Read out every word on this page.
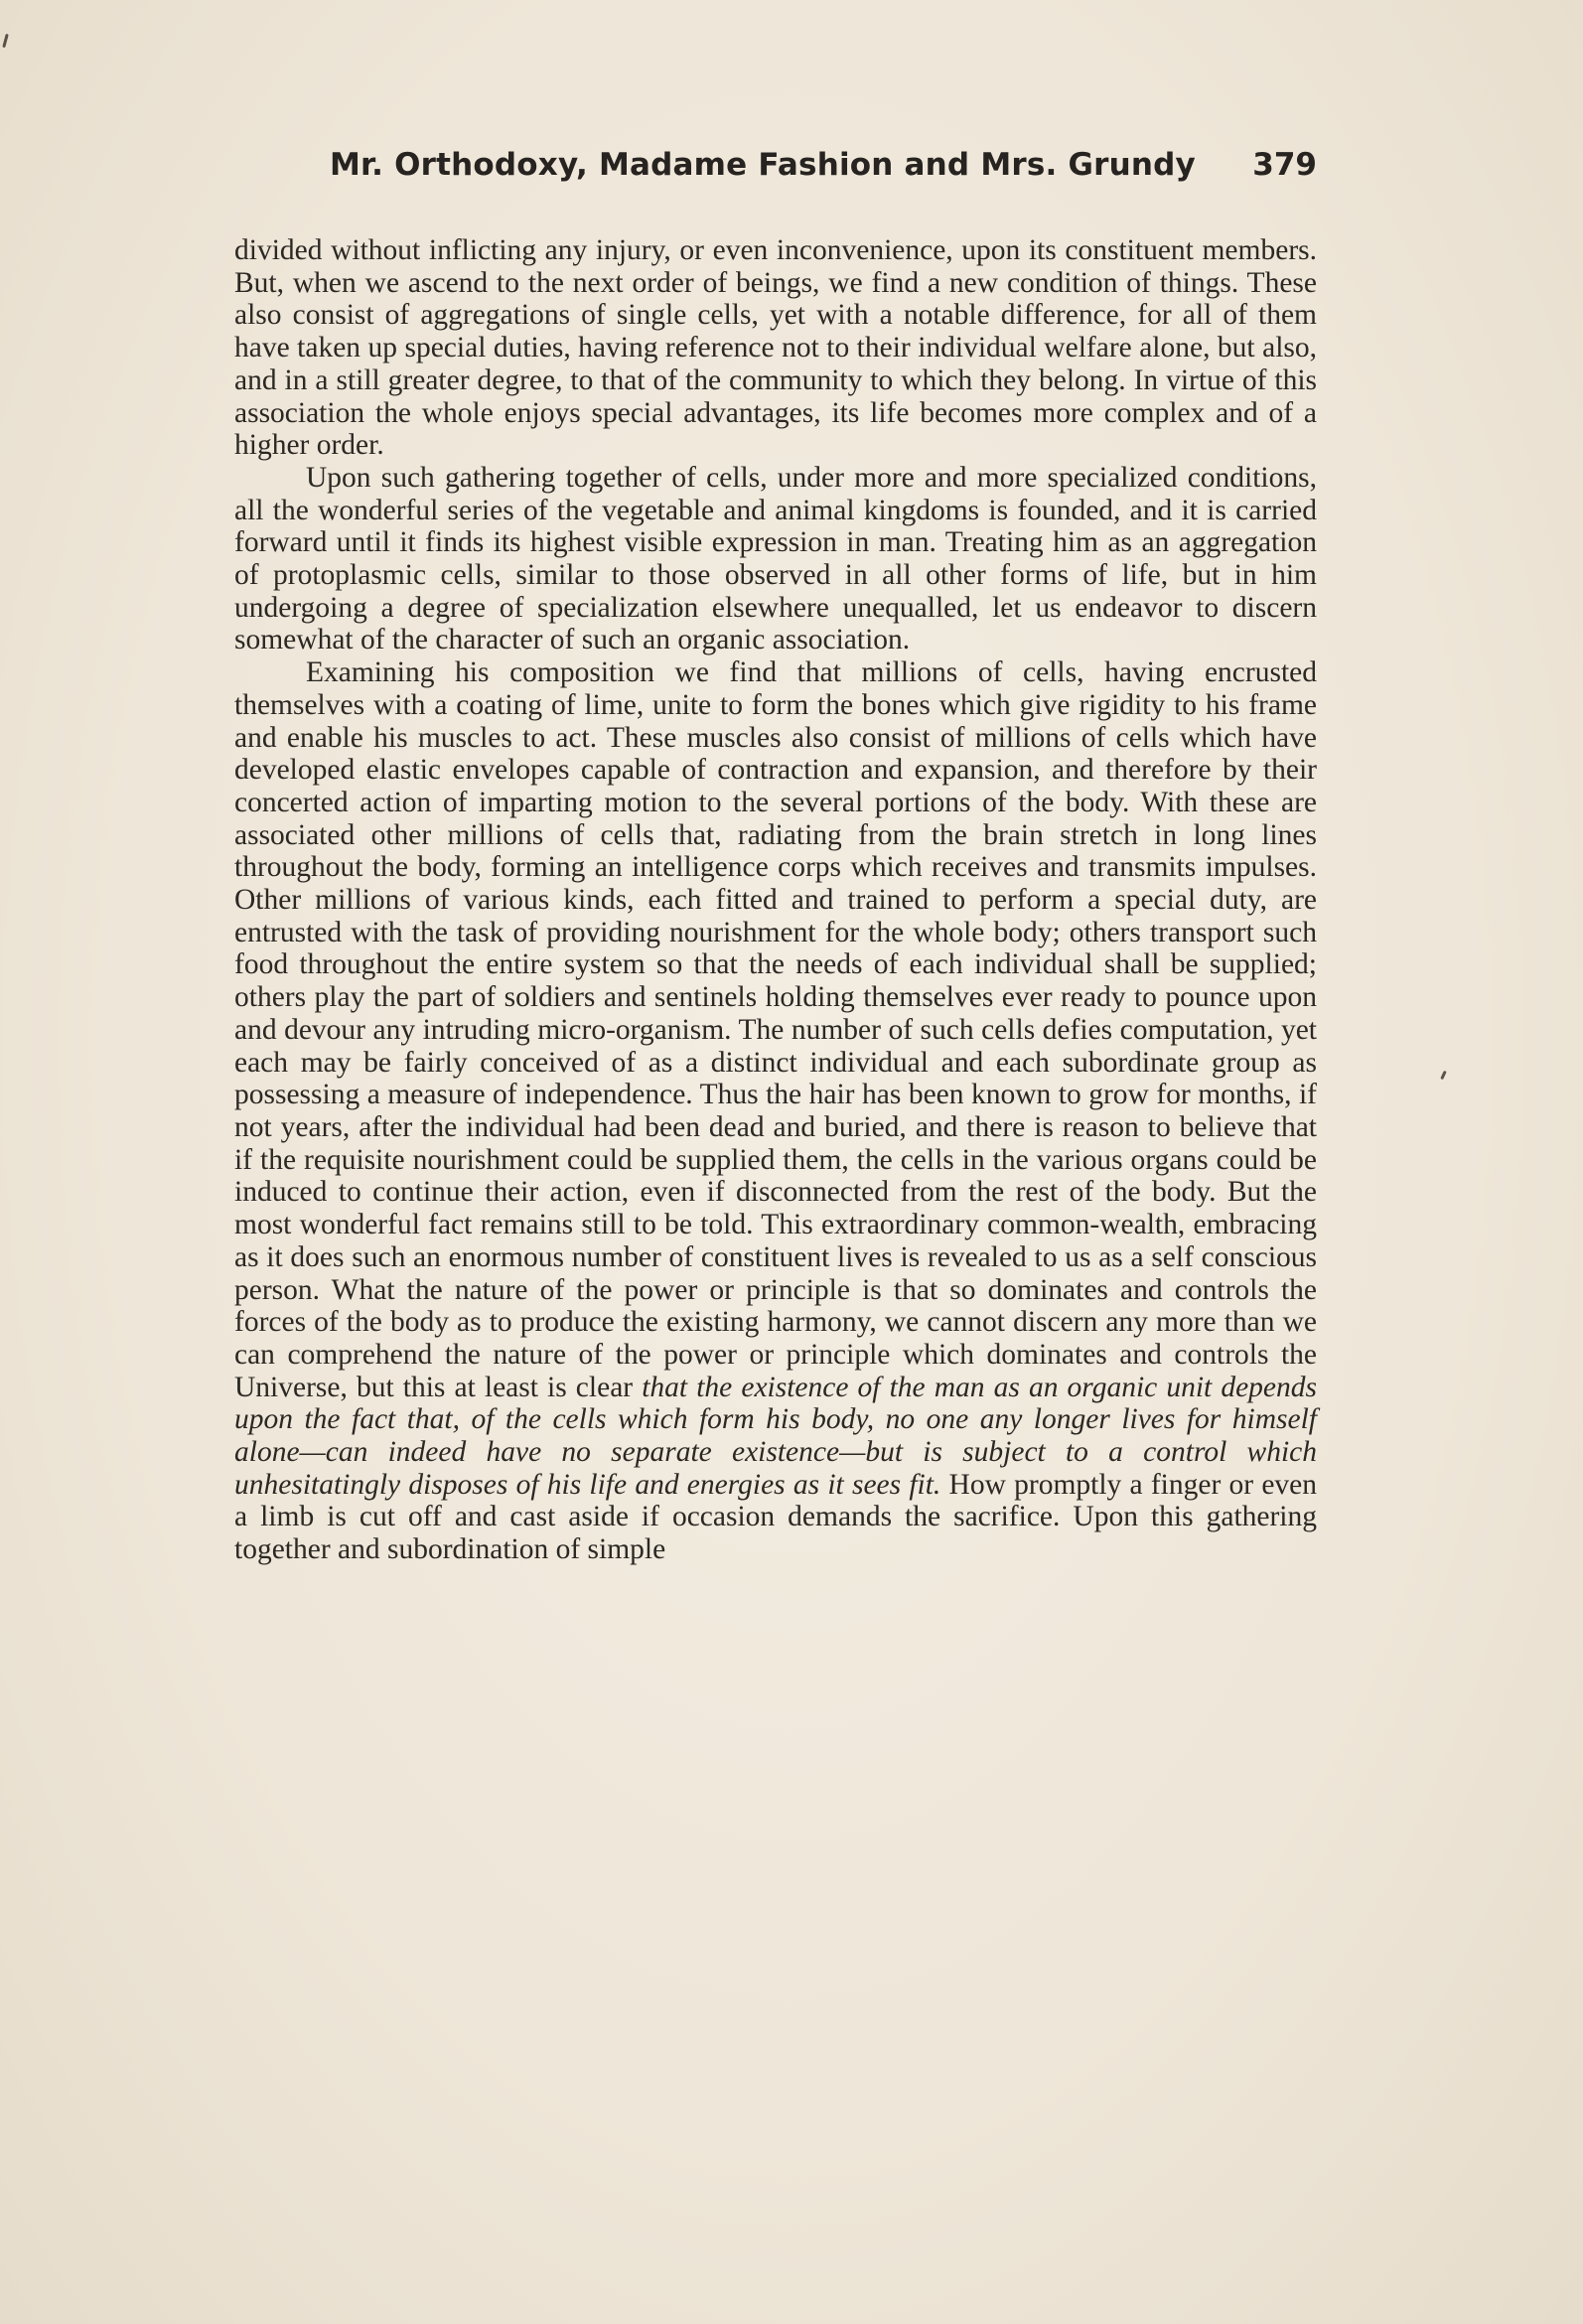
Mr. Orthodoxy, Madame Fashion and Mrs. Grundy 379

divided without inflicting any injury, or even inconvenience, upon its constituent members. But, when we ascend to the next order of beings, we find a new condition of things. These also consist of aggregations of single cells, yet with a notable difference, for all of them have taken up special duties, having reference not to their individual welfare alone, but also, and in a still greater degree, to that of the community to which they belong. In virtue of this association the whole enjoys special advantages, its life becomes more complex and of a higher order.

Upon such gathering together of cells, under more and more specialized conditions, all the wonderful series of the vegetable and animal kingdoms is founded, and it is carried forward until it finds its highest visible expression in man. Treating him as an aggregation of protoplasmic cells, similar to those observed in all other forms of life, but in him undergoing a degree of specialization elsewhere unequalled, let us endeavor to discern somewhat of the character of such an organic association.

Examining his composition we find that millions of cells, having encrusted themselves with a coating of lime, unite to form the bones which give rigidity to his frame and enable his muscles to act. These muscles also consist of millions of cells which have developed elastic envelopes capable of contraction and expansion, and therefore by their concerted action of imparting motion to the several portions of the body. With these are associated other millions of cells that, radiating from the brain stretch in long lines throughout the body, forming an intelligence corps which receives and transmits impulses. Other millions of various kinds, each fitted and trained to perform a special duty, are entrusted with the task of providing nourishment for the whole body; others transport such food throughout the entire system so that the needs of each individual shall be supplied; others play the part of soldiers and sentinels holding themselves ever ready to pounce upon and devour any intruding micro-organism. The number of such cells defies computation, yet each may be fairly conceived of as a distinct individual and each subordinate group as possessing a measure of independence. Thus the hair has been known to grow for months, if not years, after the individual had been dead and buried, and there is reason to believe that if the requisite nourishment could be supplied them, the cells in the various organs could be induced to continue their action, even if disconnected from the rest of the body. But the most wonderful fact remains still to be told. This extraordinary common-wealth, embracing as it does such an enormous number of constituent lives is revealed to us as a self conscious person. What the nature of the power or principle is that so dominates and controls the forces of the body as to produce the existing harmony, we cannot discern any more than we can comprehend the nature of the power or principle which dominates and controls the Universe, but this at least is clear that the existence of the man as an organic unit depends upon the fact that, of the cells which form his body, no one any longer lives for himself alone—can indeed have no separate existence—but is subject to a control which unhesitatingly disposes of his life and energies as it sees fit. How promptly a finger or even a limb is cut off and cast aside if occasion demands the sacrifice. Upon this gathering together and subordination of simple
